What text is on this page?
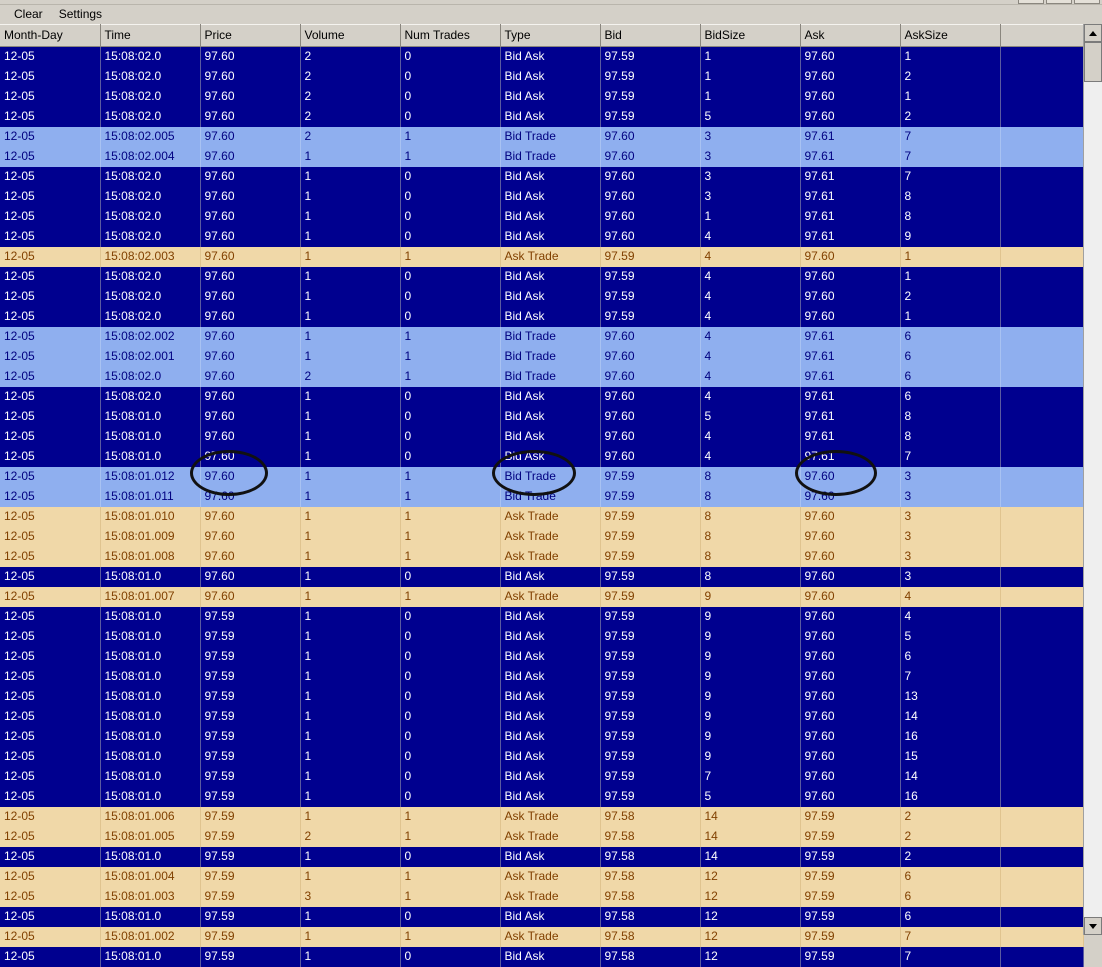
Clear	Settings
Month-Day	Time	Price	Volume	Num Trades	Type	Bid	BidSize	Ask	AskSize	
12-05	15:08:02.0	97.60	2	0	Bid Ask	97.59	1	97.60	1	
12-05	15:08:02.0	97.60	2	0	Bid Ask	97.59	1	97.60	2	
12-05	15:08:02.0	97.60	2	0	Bid Ask	97.59	1	97.60	1	
12-05	15:08:02.0	97.60	2	0	Bid Ask	97.59	5	97.60	2	
12-05	15:08:02.005	97.60	2	1	Bid Trade	97.60	3	97.61	7	
12-05	15:08:02.004	97.60	1	1	Bid Trade	97.60	3	97.61	7	
12-05	15:08:02.0	97.60	1	0	Bid Ask	97.60	3	97.61	7	
12-05	15:08:02.0	97.60	1	0	Bid Ask	97.60	3	97.61	8	
12-05	15:08:02.0	97.60	1	0	Bid Ask	97.60	1	97.61	8	
12-05	15:08:02.0	97.60	1	0	Bid Ask	97.60	4	97.61	9	
12-05	15:08:02.003	97.60	1	1	Ask Trade	97.59	4	97.60	1	
12-05	15:08:02.0	97.60	1	0	Bid Ask	97.59	4	97.60	1	
12-05	15:08:02.0	97.60	1	0	Bid Ask	97.59	4	97.60	2	
12-05	15:08:02.0	97.60	1	0	Bid Ask	97.59	4	97.60	1	
12-05	15:08:02.002	97.60	1	1	Bid Trade	97.60	4	97.61	6	
12-05	15:08:02.001	97.60	1	1	Bid Trade	97.60	4	97.61	6	
12-05	15:08:02.0	97.60	2	1	Bid Trade	97.60	4	97.61	6	
12-05	15:08:02.0	97.60	1	0	Bid Ask	97.60	4	97.61	6	
12-05	15:08:01.0	97.60	1	0	Bid Ask	97.60	5	97.61	8	
12-05	15:08:01.0	97.60	1	0	Bid Ask	97.60	4	97.61	8	
12-05	15:08:01.0	97.60	1	0	Bid Ask	97.60	4	97.61	7	
12-05	15:08:01.012	97.60	1	1	Bid Trade	97.59	8	97.60	3	
12-05	15:08:01.011	97.60	1	1	Bid Trade	97.59	8	97.60	3	
12-05	15:08:01.010	97.60	1	1	Ask Trade	97.59	8	97.60	3	
12-05	15:08:01.009	97.60	1	1	Ask Trade	97.59	8	97.60	3	
12-05	15:08:01.008	97.60	1	1	Ask Trade	97.59	8	97.60	3	
12-05	15:08:01.0	97.60	1	0	Bid Ask	97.59	8	97.60	3	
12-05	15:08:01.007	97.60	1	1	Ask Trade	97.59	9	97.60	4	
12-05	15:08:01.0	97.59	1	0	Bid Ask	97.59	9	97.60	4	
12-05	15:08:01.0	97.59	1	0	Bid Ask	97.59	9	97.60	5	
12-05	15:08:01.0	97.59	1	0	Bid Ask	97.59	9	97.60	6	
12-05	15:08:01.0	97.59	1	0	Bid Ask	97.59	9	97.60	7	
12-05	15:08:01.0	97.59	1	0	Bid Ask	97.59	9	97.60	13	
12-05	15:08:01.0	97.59	1	0	Bid Ask	97.59	9	97.60	14	
12-05	15:08:01.0	97.59	1	0	Bid Ask	97.59	9	97.60	16	
12-05	15:08:01.0	97.59	1	0	Bid Ask	97.59	9	97.60	15	
12-05	15:08:01.0	97.59	1	0	Bid Ask	97.59	7	97.60	14	
12-05	15:08:01.0	97.59	1	0	Bid Ask	97.59	5	97.60	16	
12-05	15:08:01.006	97.59	1	1	Ask Trade	97.58	14	97.59	2	
12-05	15:08:01.005	97.59	2	1	Ask Trade	97.58	14	97.59	2	
12-05	15:08:01.0	97.59	1	0	Bid Ask	97.58	14	97.59	2	
12-05	15:08:01.004	97.59	1	1	Ask Trade	97.58	12	97.59	6	
12-05	15:08:01.003	97.59	3	1	Ask Trade	97.58	12	97.59	6	
12-05	15:08:01.0	97.59	1	0	Bid Ask	97.58	12	97.59	6	
12-05	15:08:01.002	97.59	1	1	Ask Trade	97.58	12	97.59	7	
12-05	15:08:01.0	97.59	1	0	Bid Ask	97.58	12	97.59	7	
